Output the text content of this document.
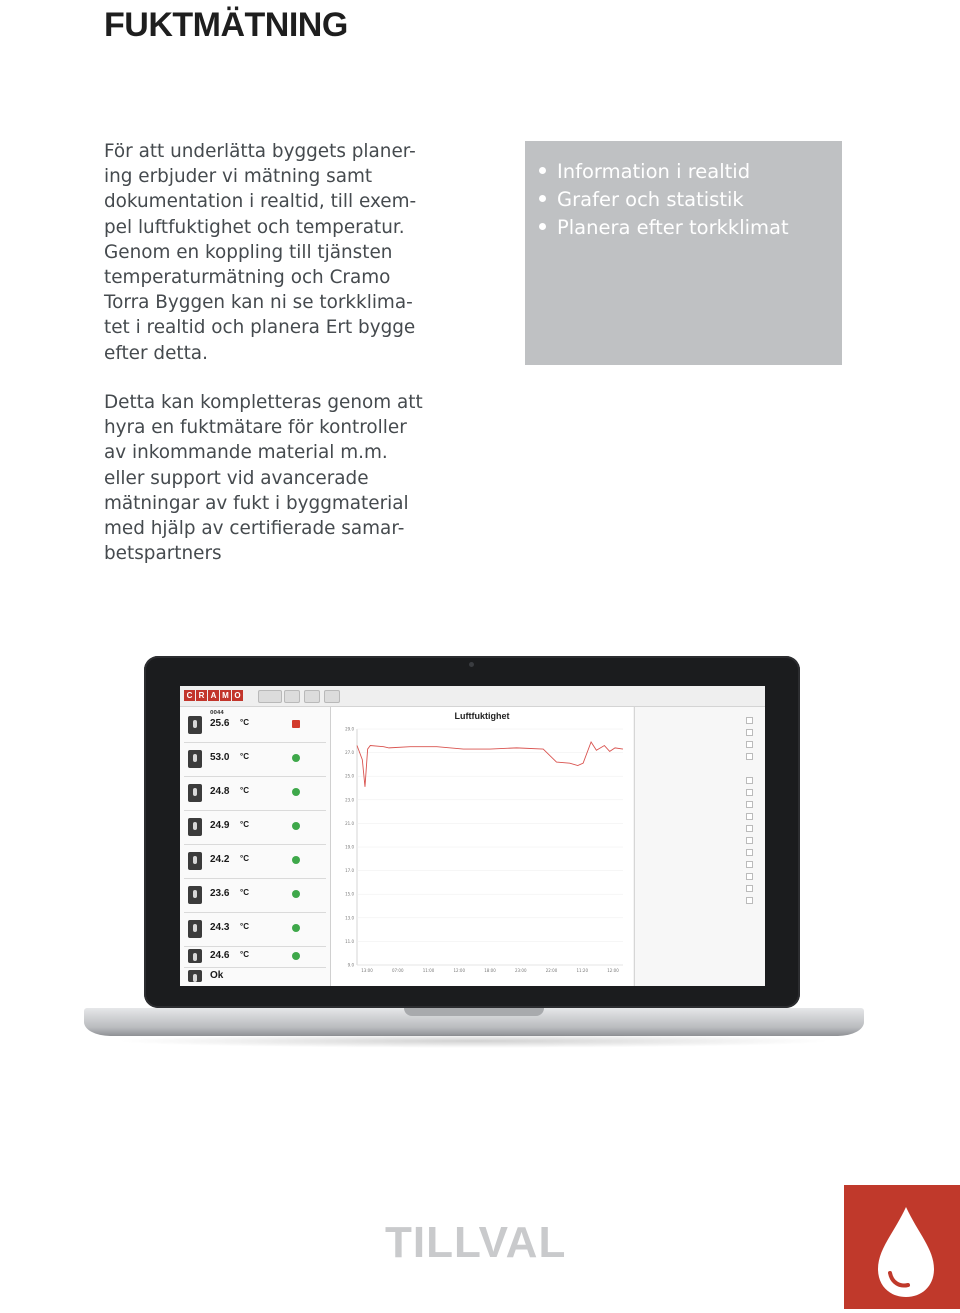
FUKTMÄTNING
För att underlätta byggets planer-
ing erbjuder vi mätning samt
dokumentation i realtid, till exem-
pel luftfuktighet och temperatur.
Genom en koppling till tjänsten
temperaturmätning och Cramo
Torra Byggen kan ni se torkklima-
tet i realtid och planera Ert bygge
efter detta.
Detta kan kompletteras genom att
hyra en fuktmätare för kontroller
av inkommande material m.m.
eller support vid avancerade
mätningar av fukt i byggmaterial
med hjälp av certifierade samar-
betspartners
Information i realtid
Grafer och statistik
Planera efter torkklimat
C R A M O
0044
25.6 °C
53.0 °C
24.8 °C
24.9 °C
24.2 °C
23.6 °C
24.3 °C
24.6 °C
Ok
Luftfuktighet
29.0
27.0
25.0
23.0
21.0
19.0
17.0
15.0
13.0
11.0
9.0
13:00	07:00	11:00	12:00	18:00	23:00	22:00	11:20	12:00
TILLVAL
